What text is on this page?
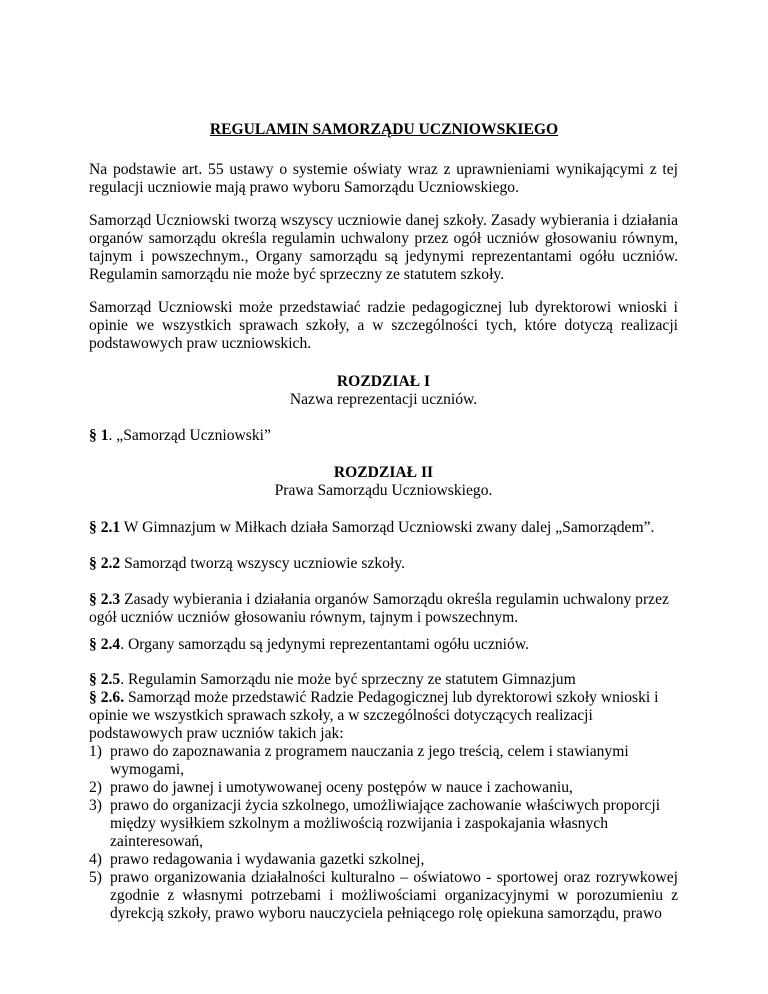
REGULAMIN SAMORZĄDU UCZNIOWSKIEGO

Na podstawie art. 55 ustawy o systemie oświaty wraz z uprawnieniami wynikającymi z tej regulacji uczniowie mają prawo wyboru Samorządu Uczniowskiego.

Samorząd Uczniowski tworzą wszyscy uczniowie danej szkoły. Zasady wybierania i działania organów samorządu określa regulamin uchwalony przez ogół uczniów głosowaniu równym, tajnym i powszechnym., Organy samorządu są jedynymi reprezentantami ogółu uczniów. Regulamin samorządu nie może być sprzeczny ze statutem szkoły.

Samorząd Uczniowski może przedstawiać radzie pedagogicznej lub dyrektorowi wnioski i opinie we wszystkich sprawach szkoły, a w szczególności tych, które dotyczą realizacji podstawowych praw uczniowskich.

ROZDZIAŁ I
Nazwa reprezentacji uczniów.
§ 1. „Samorząd Uczniowski”
ROZDZIAŁ II
Prawa Samorządu Uczniowskiego.
§ 2.1 W Gimnazjum w Miłkach działa Samorząd Uczniowski zwany dalej „Samorządem”.
§ 2.2 Samorząd tworzą wszyscy uczniowie szkoły.
§ 2.3 Zasady wybierania i działania organów Samorządu określa regulamin uchwalony przez ogół uczniów uczniów głosowaniu równym, tajnym i powszechnym.
§ 2.4. Organy samorządu są jedynymi reprezentantami ogółu uczniów.

§ 2.5. Regulamin Samorządu nie może być sprzeczny ze statutem Gimnazjum

§ 2.6. Samorząd może przedstawić Radzie Pedagogicznej lub dyrektorowi szkoły wnioski i opinie we wszystkich sprawach szkoły, a w szczególności dotyczących realizacji podstawowych praw uczniów takich jak:

1) prawo do zapoznawania z programem nauczania z jego treścią, celem i stawianymi wymogami,
2) prawo do jawnej i umotywowanej oceny postępów w nauce i zachowaniu,
3) prawo do organizacji życia szkolnego, umożliwiające zachowanie właściwych proporcji między wysiłkiem szkolnym a możliwością rozwijania i zaspokajania własnych zainteresowań,
4) prawo redagowania i wydawania gazetki szkolnej,
5) prawo organizowania działalności kulturalno – oświatowo - sportowej oraz rozrywkowej zgodnie z własnymi potrzebami i możliwościami organizacyjnymi w porozumieniu z dyrekcją szkoły, prawo wyboru nauczyciela pełniącego rolę opiekuna samorządu, prawo
